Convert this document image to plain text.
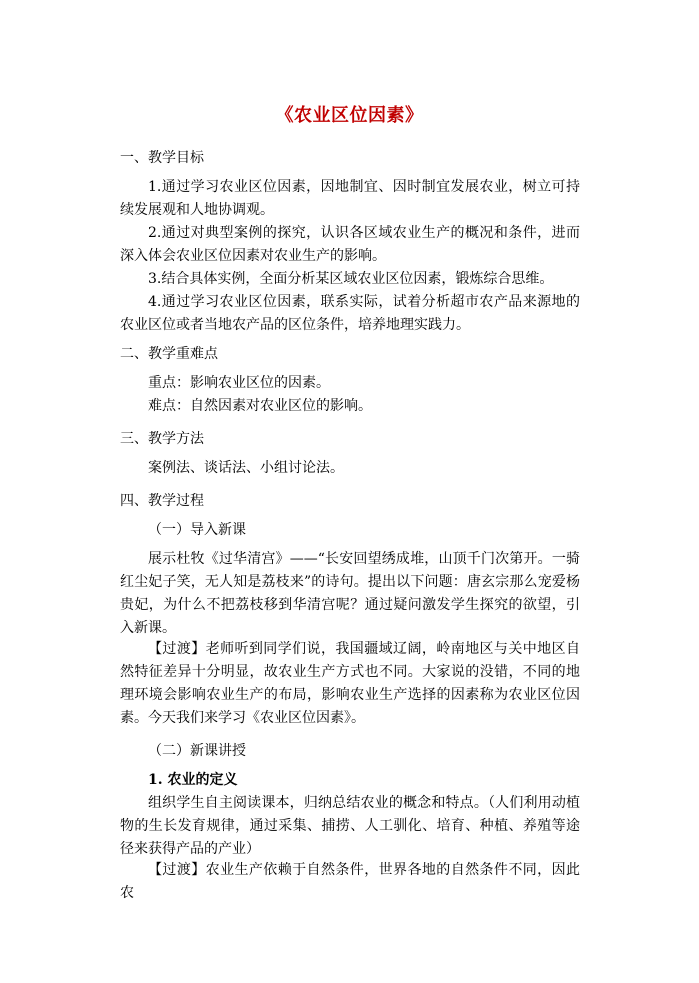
《农业区位因素》
一、教学目标
1.通过学习农业区位因素，因地制宜、因时制宜发展农业，树立可持续发展观和人地协调观。
2.通过对典型案例的探究，认识各区域农业生产的概况和条件，进而深入体会农业区位因素对农业生产的影响。
3.结合具体实例，全面分析某区域农业区位因素，锻炼综合思维。
4.通过学习农业区位因素，联系实际，试着分析超市农产品来源地的农业区位或者当地农产品的区位条件，培养地理实践力。
二、教学重难点
重点：影响农业区位的因素。
难点：自然因素对农业区位的影响。
三、教学方法
案例法、谈话法、小组讨论法。
四、教学过程
（一）导入新课
展示杜牧《过华清宫》——“长安回望绣成堆，山顶千门次第开。一骑红尘妃子笑，无人知是荔枝来”的诗句。提出以下问题：唐玄宗那么宠爱杨贵妃，为什么不把荔枝移到华清宫呢？通过疑问激发学生探究的欲望，引入新课。
【过渡】老师听到同学们说，我国疆域辽阔，岭南地区与关中地区自然特征差异十分明显，故农业生产方式也不同。大家说的没错，不同的地理环境会影响农业生产的布局，影响农业生产选择的因素称为农业区位因素。今天我们来学习《农业区位因素》。
（二）新课讲授
1. 农业的定义
组织学生自主阅读课本，归纳总结农业的概念和特点。（人们利用动植物的生长发育规律，通过采集、捕捞、人工驯化、培育、种植、养殖等途径来获得产品的产业）
【过渡】农业生产依赖于自然条件，世界各地的自然条件不同，因此农
